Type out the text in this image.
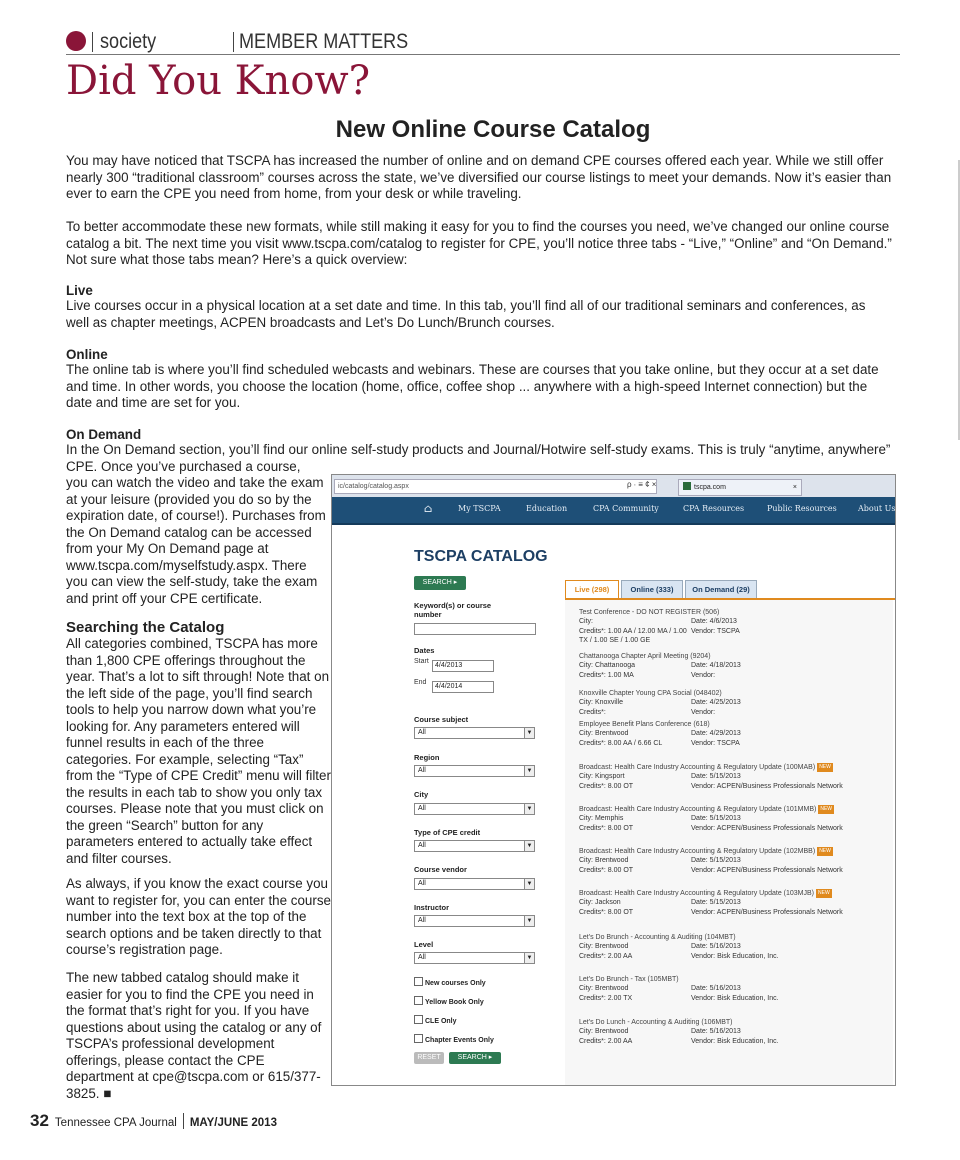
society	MEMBER MATTERS
Did You Know?
New Online Course Catalog

You may have noticed that TSCPA has increased the number of online and on demand CPE courses offered each year. While we still offer nearly 300 “traditional classroom” courses across the state, we’ve diversified our course listings to meet your demands. Now it’s easier than ever to earn the CPE you need from home, from your desk or while traveling.

To better accommodate these new formats, while still making it easy for you to find the courses you need, we’ve changed our online course catalog a bit. The next time you visit www.tscpa.com/catalog to register for CPE, you’ll notice three tabs - “Live,” “Online” and “On Demand.” Not sure what those tabs mean? Here’s a quick overview:

Live

Live courses occur in a physical location at a set date and time. In this tab, you’ll find all of our traditional seminars and conferences, as well as chapter meetings, ACPEN broadcasts and Let’s Do Lunch/Brunch courses.

Online

The online tab is where you’ll find scheduled webcasts and webinars. These are courses that you take online, but they occur at a set date and time. In other words, you choose the location (home, office, coffee shop ... anywhere with a high-speed Internet connection) but the date and time are set for you.

On Demand

In the On Demand section, you’ll find our online self-study products and Journal/Hotwire self-study exams. This is truly “anytime, anywhere” CPE. Once you’ve purchased a course,

you can watch the video and take the exam at your leisure (provided you do so by the expiration date, of course!). Purchases from the On Demand catalog can be accessed from your My On Demand page at www.tscpa.com/myselfstudy.aspx. There you can view the self-study, take the exam and print off your CPE certificate.

Searching the Catalog

All categories combined, TSCPA has more than 1,800 CPE offerings throughout the year. That’s a lot to sift through! Note that on the left side of the page, you’ll find search tools to help you narrow down what you’re looking for. Any parameters entered will funnel results in each of the three categories. For example, selecting “Tax” from the “Type of CPE Credit” menu will filter the results in each tab to show you only tax courses. Please note that you must click on the green “Search” button for any parameters entered to actually take effect and filter courses.

As always, if you know the exact course you want to register for, you can enter the course number into the text box at the top of the search options and be taken directly to that course’s registration page.

The new tabbed catalog should make it easier for you to find the CPE you need in the format that’s right for you. If you have questions about using the catalog or any of TSCPA’s professional development offerings, please contact the CPE department at cpe@tscpa.com or 615/377-3825. ■

32 Tennessee CPA Journal MAY/JUNE 2013
ic/catalog/catalog.aspx	ρ ∙ ≡ ¢ ×	tscpa.com	×
⌂	My TSCPA	Education	CPA Community	CPA Resources	Public Resources	About Us
TSCPA CATALOG
SEARCH ▸
Keyword(s) or course number
Dates
Start
4/4/2013
End
4/4/2014
Course subject
All	▼
Region
All	▼
City
All	▼
Type of CPE credit
All	▼
Course vendor
All	▼
Instructor
All	▼
Level
All	▼
New courses Only
Yellow Book Only
CLE Only
Chapter Events Only
RESET	SEARCH ▸
Live (298)	Online (333)	On Demand (29)
Test Conference - DO NOT REGISTER (506)
City:	Date: 4/6/2013
Credits*: 1.00 AA / 12.00 MA / 1.00 TX / 1.00 SE / 1.00 GE
Vendor: TSCPA
Chattanooga Chapter April Meeting (9204)
City: Chattanooga	Date: 4/18/2013
Credits*: 1.00 MA	Vendor:
Knoxville Chapter Young CPA Social (048402)
City: Knoxville	Date: 4/25/2013
Credits*:	Vendor:
Employee Benefit Plans Conference (618)
City: Brentwood	Date: 4/29/2013
Credits*: 8.00 AA / 6.66 CL	Vendor: TSCPA
Broadcast: Health Care Industry Accounting & Regulatory Update (100MAB) NEW
City: Kingsport	Date: 5/15/2013
Credits*: 8.00 OT	Vendor: ACPEN/Business Professionals Network
Broadcast: Health Care Industry Accounting & Regulatory Update (101MMB) NEW
City: Memphis	Date: 5/15/2013
Credits*: 8.00 OT	Vendor: ACPEN/Business Professionals Network
Broadcast: Health Care Industry Accounting & Regulatory Update (102MBB) NEW
City: Brentwood	Date: 5/15/2013
Credits*: 8.00 OT	Vendor: ACPEN/Business Professionals Network
Broadcast: Health Care Industry Accounting & Regulatory Update (103MJB) NEW
City: Jackson	Date: 5/15/2013
Credits*: 8.00 OT	Vendor: ACPEN/Business Professionals Network
Let's Do Brunch - Accounting & Auditing (104MBT)
City: Brentwood	Date: 5/16/2013
Credits*: 2.00 AA	Vendor: Bisk Education, Inc.
Let's Do Brunch - Tax (105MBT)
City: Brentwood	Date: 5/16/2013
Credits*: 2.00 TX	Vendor: Bisk Education, Inc.
Let's Do Lunch - Accounting & Auditing (106MBT)
City: Brentwood	Date: 5/16/2013
Credits*: 2.00 AA	Vendor: Bisk Education, Inc.
